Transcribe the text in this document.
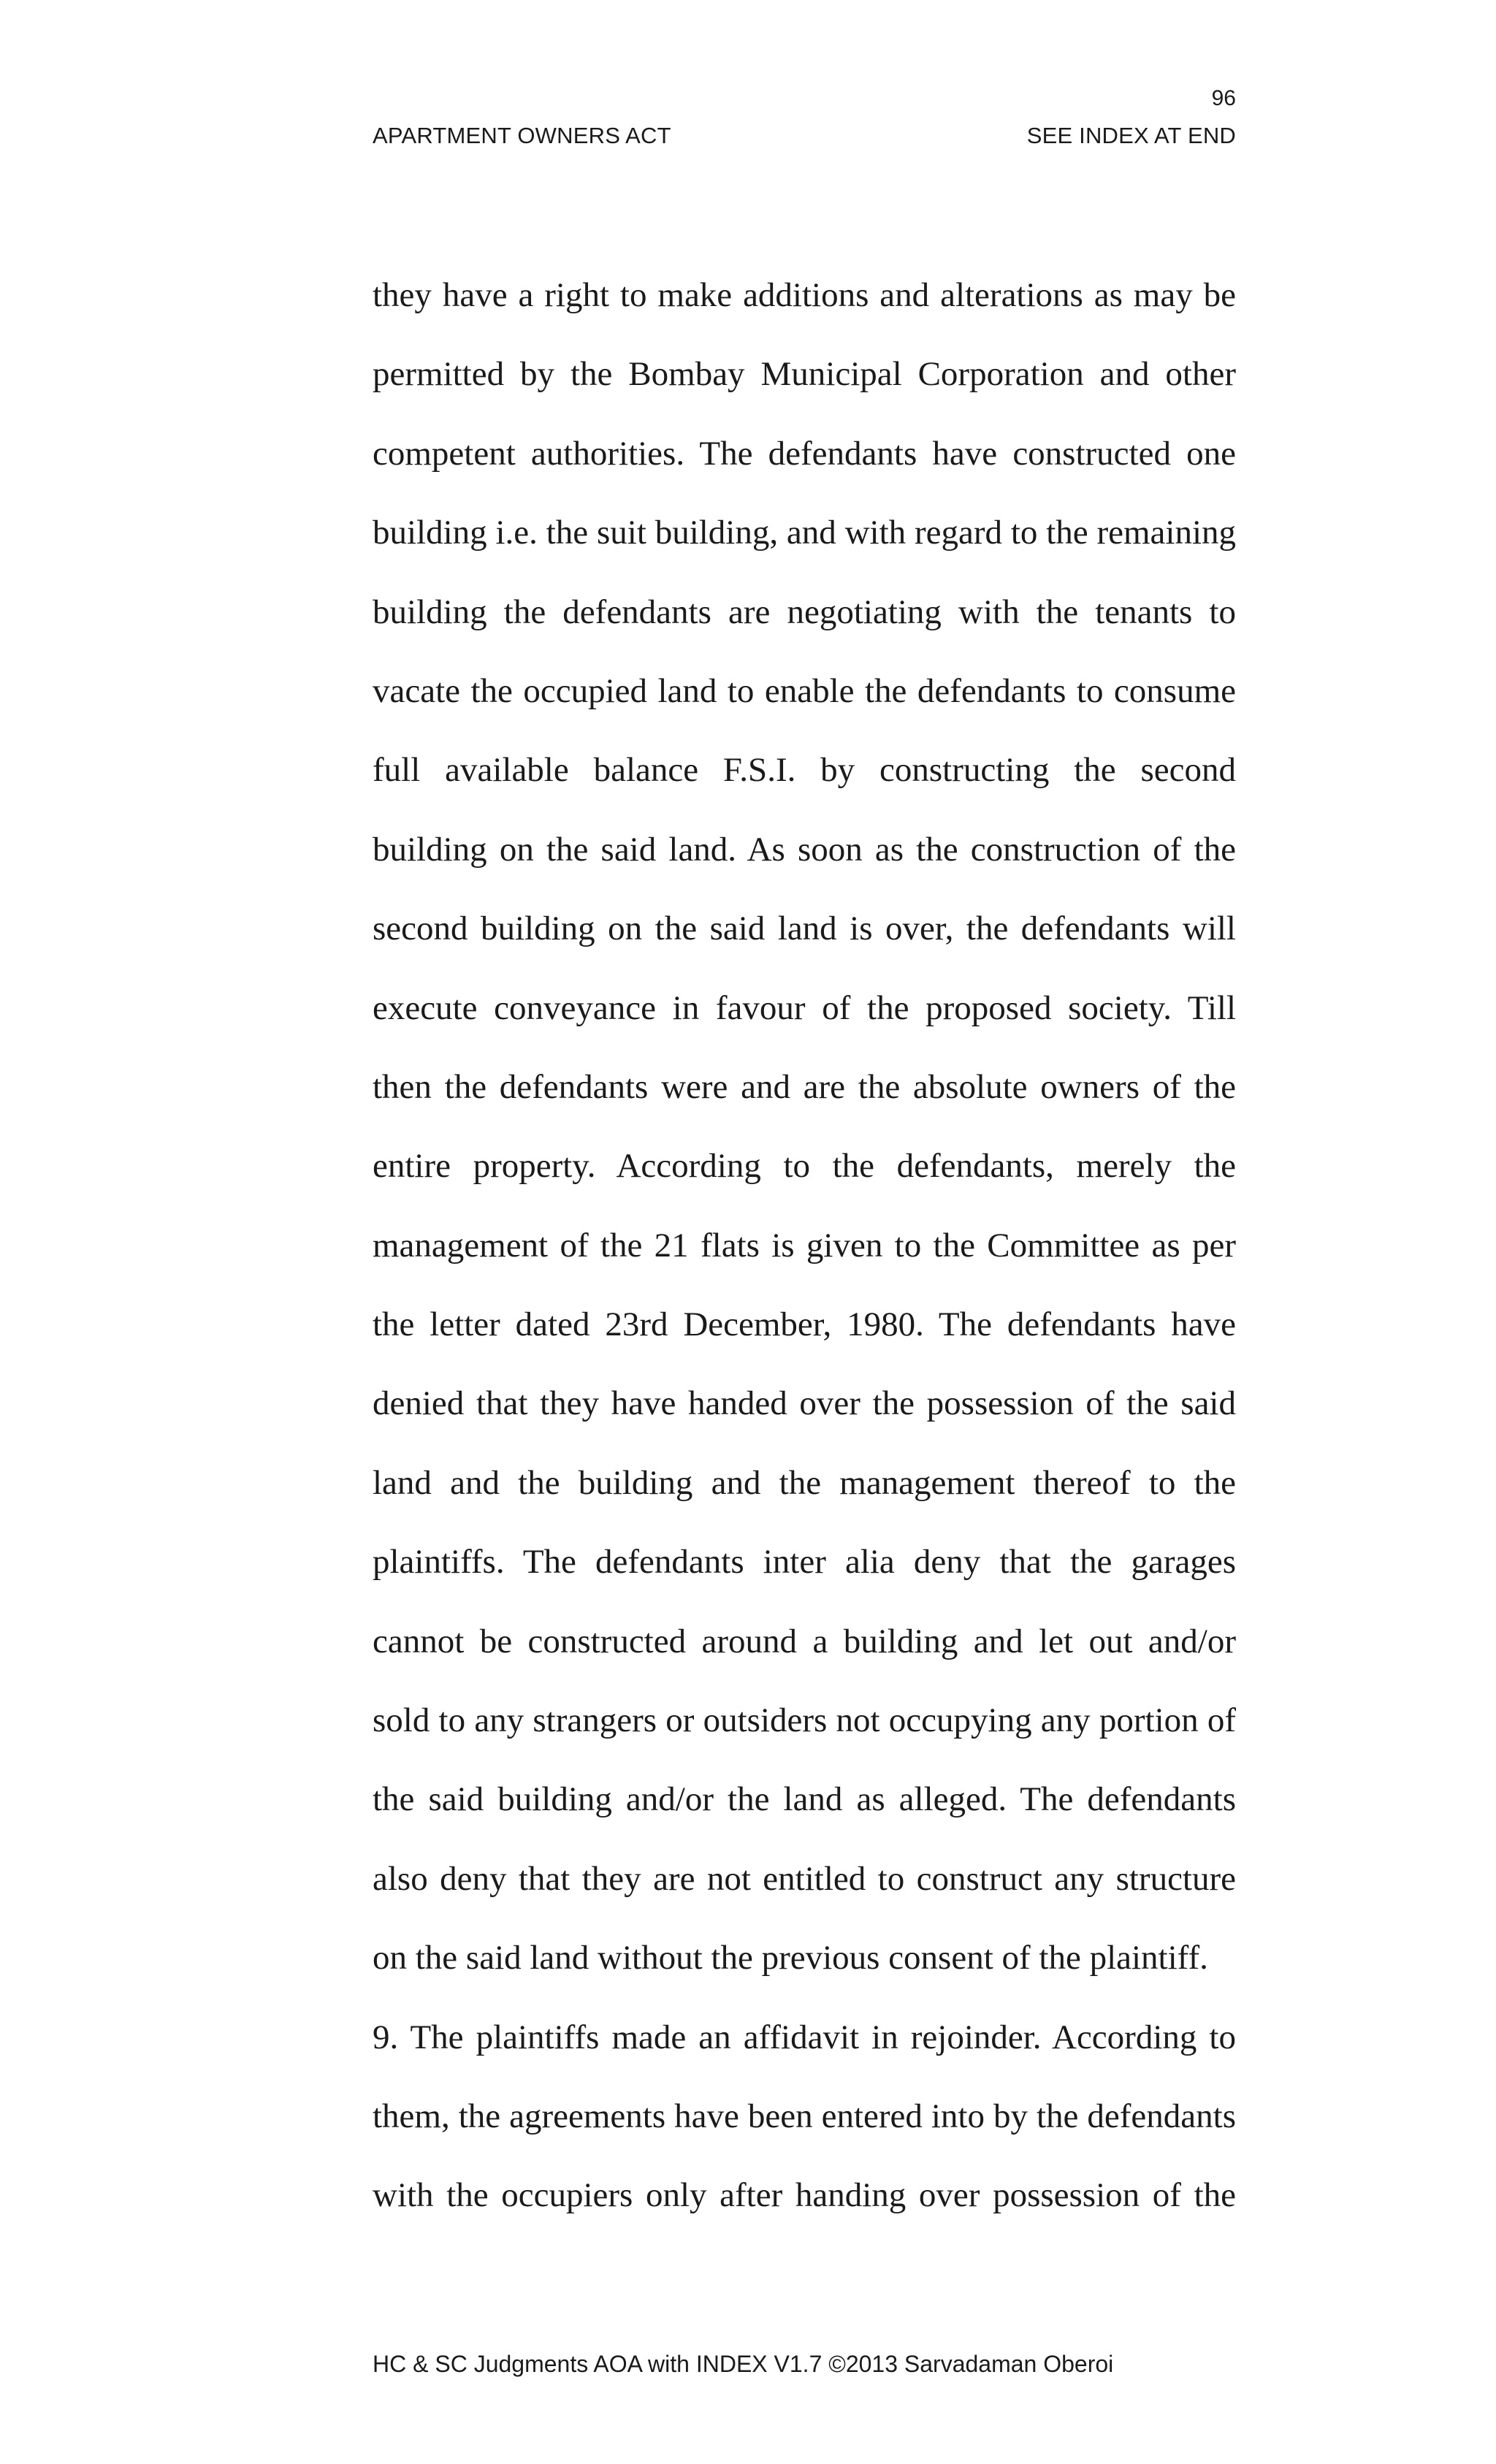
96
APARTMENT OWNERS ACT	SEE INDEX AT END
they have a right to make additions and alterations as may be
permitted by the Bombay Municipal Corporation and other
competent authorities. The defendants have constructed one
building i.e. the suit building, and with regard to the remaining
building the defendants are negotiating with the tenants to
vacate the occupied land to enable the defendants to consume
full available balance F.S.I. by constructing the second
building on the said land. As soon as the construction of the
second building on the said land is over, the defendants will
execute conveyance in favour of the proposed society. Till
then the defendants were and are the absolute owners of the
entire property. According to the defendants, merely the
management of the 21 flats is given to the Committee as per
the letter dated 23rd December, 1980. The defendants have
denied that they have handed over the possession of the said
land and the building and the management thereof to the
plaintiffs. The defendants inter alia deny that the garages
cannot be constructed around a building and let out and/or
sold to any strangers or outsiders not occupying any portion of
the said building and/or the land as alleged. The defendants
also deny that they are not entitled to construct any structure
on the said land without the previous consent of the plaintiff.
9. The plaintiffs made an affidavit in rejoinder. According to
them, the agreements have been entered into by the defendants
with the occupiers only after handing over possession of the
HC & SC Judgments AOA with INDEX V1.7 ©2013 Sarvadaman Oberoi
